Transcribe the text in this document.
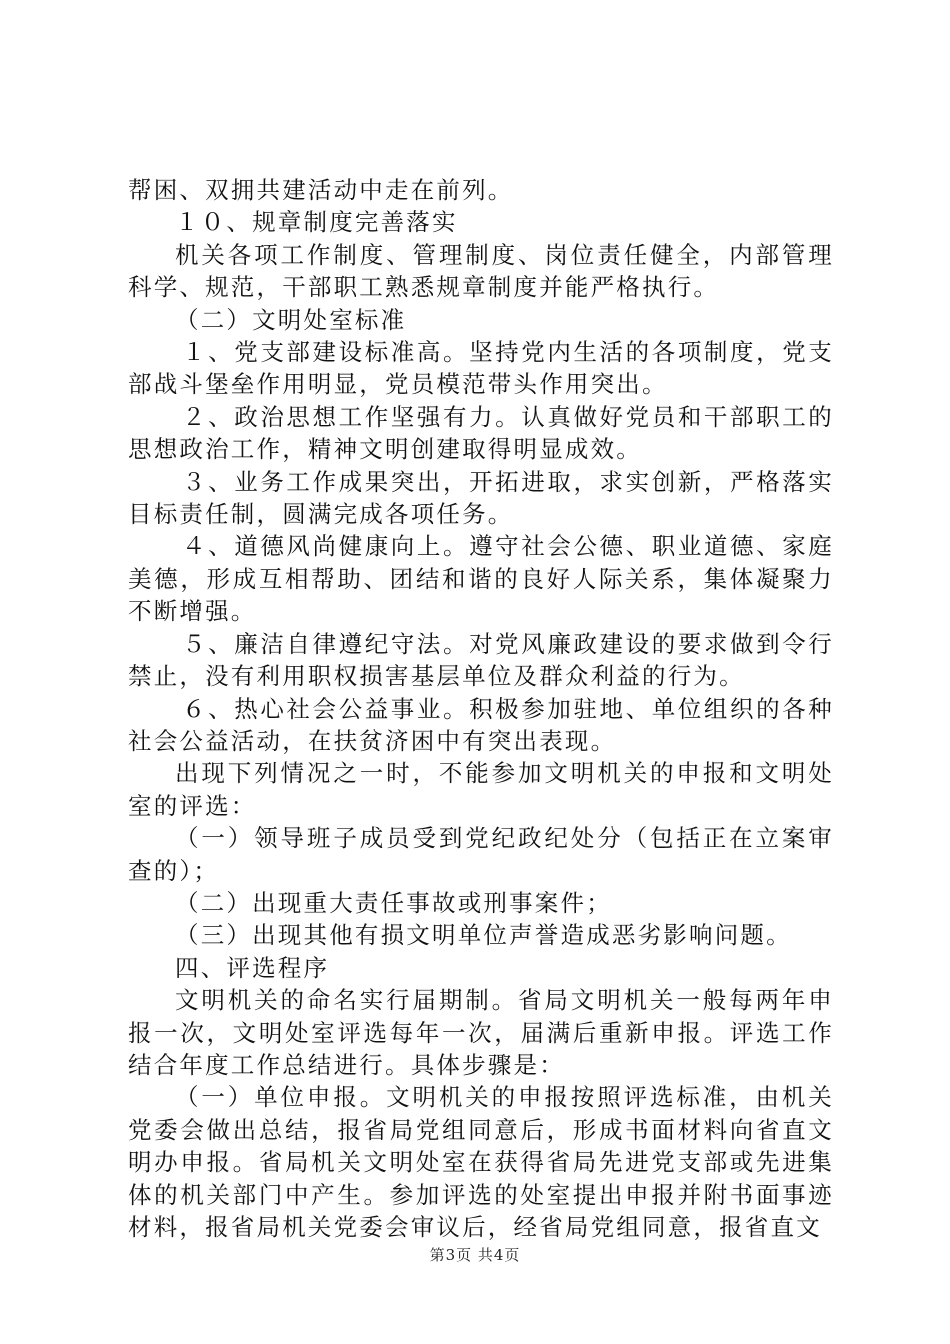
帮困、双拥共建活动中走在前列。

１０、规章制度完善落实

机关各项工作制度、管理制度、岗位责任健全，内部管理科学、规范，干部职工熟悉规章制度并能严格执行。

（二）文明处室标准

１、党支部建设标准高。坚持党内生活的各项制度，党支部战斗堡垒作用明显，党员模范带头作用突出。

２、政治思想工作坚强有力。认真做好党员和干部职工的思想政治工作，精神文明创建取得明显成效。

３、业务工作成果突出，开拓进取，求实创新，严格落实目标责任制，圆满完成各项任务。

４、道德风尚健康向上。遵守社会公德、职业道德、家庭美德，形成互相帮助、团结和谐的良好人际关系，集体凝聚力不断增强。

５、廉洁自律遵纪守法。对党风廉政建设的要求做到令行禁止，没有利用职权损害基层单位及群众利益的行为。

６、热心社会公益事业。积极参加驻地、单位组织的各种社会公益活动，在扶贫济困中有突出表现。

出现下列情况之一时，不能参加文明机关的申报和文明处室的评选：

（一）领导班子成员受到党纪政纪处分（包括正在立案审查的）；

（二）出现重大责任事故或刑事案件；

（三）出现其他有损文明单位声誉造成恶劣影响问题。

四、评选程序

文明机关的命名实行届期制。省局文明机关一般每两年申报一次，文明处室评选每年一次，届满后重新申报。评选工作结合年度工作总结进行。具体步骤是：

（一）单位申报。文明机关的申报按照评选标准，由机关党委会做出总结，报省局党组同意后，形成书面材料向省直文明办申报。省局机关文明处室在获得省局先进党支部或先进集体的机关部门中产生。参加评选的处室提出申报并附书面事迹材料，报省局机关党委会审议后，经省局党组同意，报省直文

第3页 共4页
